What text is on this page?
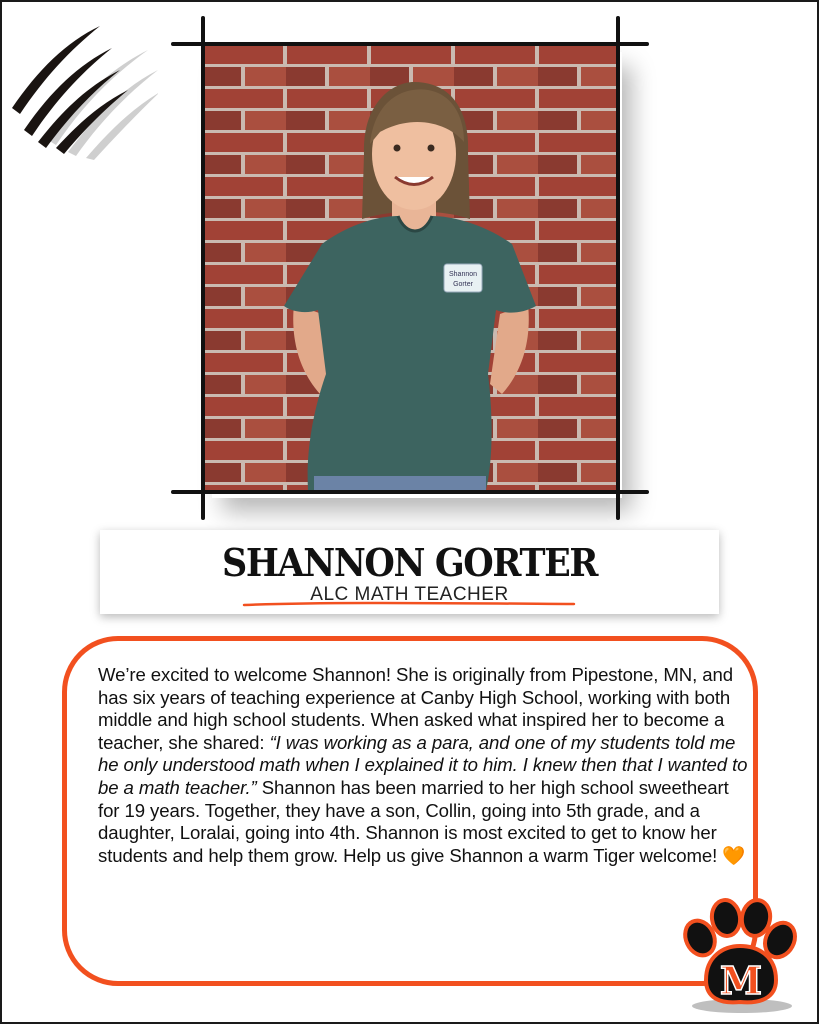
Shannon
Gorter
SHANNON GORTER
ALC MATH TEACHER
We’re excited to welcome Shannon! She is originally from Pipestone, MN, and has six years of teaching experience at Canby High School, working with both middle and high school students. When asked what inspired her to become a teacher, she shared: “I was working as a para, and one of my students told me he only understood math when I explained it to him. I knew then that I wanted to be a math teacher.” Shannon has been married to her high school sweetheart for 19 years. Together, they have a son, Collin, going into 5th grade, and a daughter, Loralai, going into 4th. Shannon is most excited to get to know her students and help them grow. Help us give Shannon a warm Tiger welcome! 🧡
M
